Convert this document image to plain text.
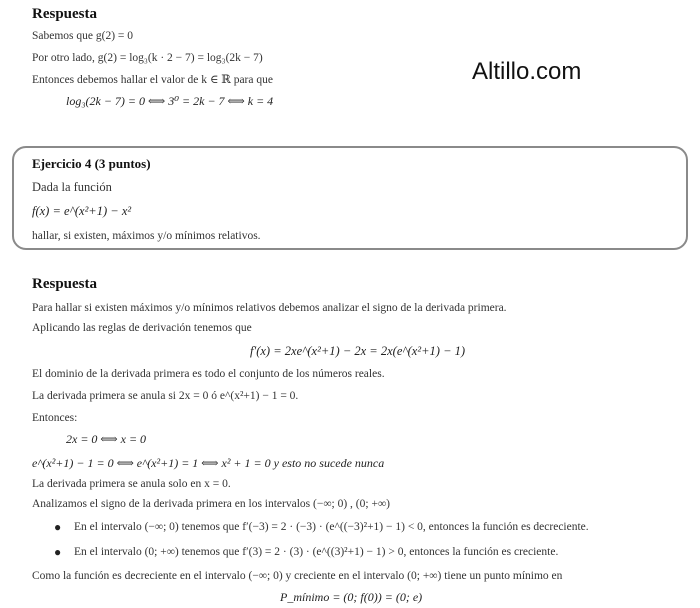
Respuesta
Sabemos que g(2) = 0
Por otro lado, g(2) = log₃(k · 2 − 7) = log₃(2k − 7)
Entonces debemos hallar el valor de k ∈ ℝ para que
log₃(2k − 7) = 0 ⟺ 3⁰ = 2k − 7 ⟺ k = 4
Altillo.com
Ejercicio 4 (3 puntos)
Dada la función
f(x) = e^(x²+1) − x²
hallar, si existen, máximos y/o mínimos relativos.
Respuesta
Para hallar si existen máximos y/o mínimos relativos debemos analizar el signo de la derivada primera.
Aplicando las reglas de derivación tenemos que
f′(x) = 2xe^(x²+1) − 2x = 2x(e^(x²+1) − 1)
El dominio de la derivada primera es todo el conjunto de los números reales.
La derivada primera se anula si 2x = 0 ó e^(x²+1) − 1 = 0.
Entonces:
2x = 0 ⟺ x = 0
e^(x²+1) − 1 = 0 ⟺ e^(x²+1) = 1 ⟺ x² + 1 = 0 y esto no sucede nunca
La derivada primera se anula solo en x = 0.
Analizamos el signo de la derivada primera en los intervalos (−∞; 0) , (0; +∞)
● En el intervalo (−∞; 0) tenemos que f′(−3) = 2 · (−3) · (e^((−3)²+1) − 1) < 0, entonces la función es decreciente.
● En el intervalo (0; +∞) tenemos que f′(3) = 2 · (3) · (e^((3)²+1) − 1) > 0, entonces la función es creciente.
Como la función es decreciente en el intervalo (−∞; 0) y creciente en el intervalo (0; +∞) tiene un punto mínimo en
P_mínimo = (0; f(0)) = (0; e)
